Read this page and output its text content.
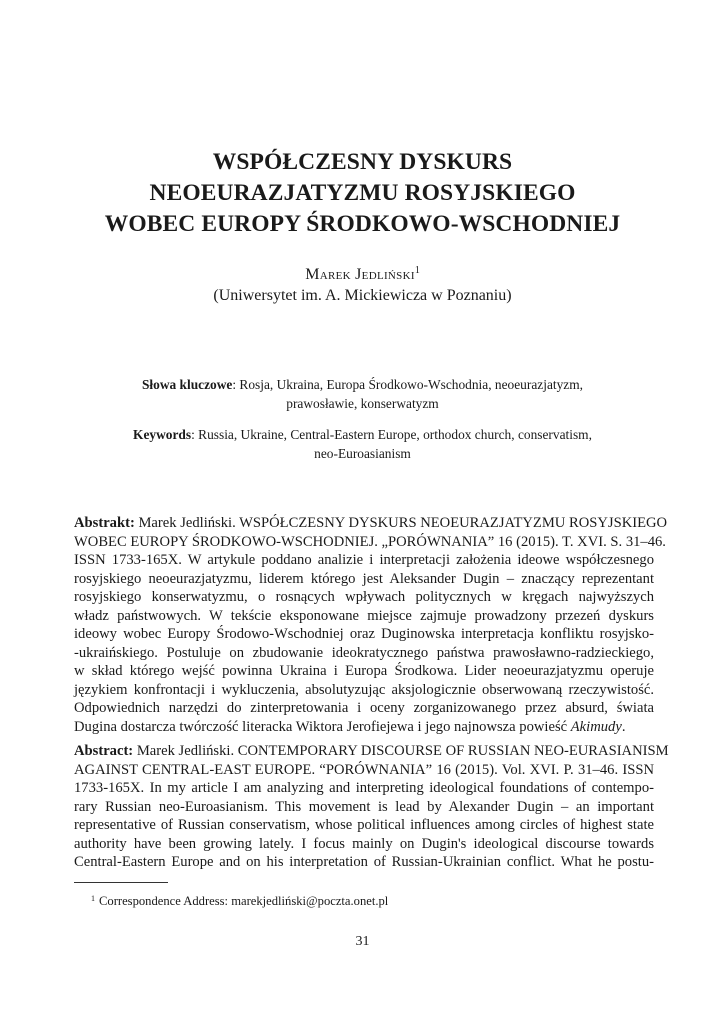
WSPÓŁCZESNY DYSKURS
NEOEURAZJATYZMU ROSYJSKIEGO
WOBEC EUROPY ŚRODKOWO-WSCHODNIEJ
Marek Jedliński$^1$
(Uniwersytet im. A. Mickiewicza w Poznaniu)
Słowa kluczowe: Rosja, Ukraina, Europa Środkowo-Wschodnia, neoeurazjatyzm,
prawosławie, konserwatyzm
Keywords: Russia, Ukraine, Central-Eastern Europe, orthodox church, conservatism,
neo-Euroasianism
Abstrakt: Marek Jedliński. WSPÓŁCZESNY DYSKURS NEOEURAZJATYZMU ROSYJSKIEGO
WOBEC EUROPY ŚRODKOWO-WSCHODNIEJ. „PORÓWNANIA” 16 (2015). T. XVI. S. 31–46.
ISSN 1733-165X. W artykule poddano analizie i interpretacji założenia ideowe współczesnego
rosyjskiego neoeurazjatyzmu, liderem którego jest Aleksander Dugin – znaczący reprezentant
rosyjskiego konserwatyzmu, o rosnących wpływach politycznych w kręgach najwyższych
władz państwowych. W tekście eksponowane miejsce zajmuje prowadzony przezeń dyskurs
ideowy wobec Europy Środowo-Wschodniej oraz Duginowska interpretacja konfliktu rosyjsko-
-ukraińskiego. Postuluje on zbudowanie ideokratycznego państwa prawosławno-radzieckiego,
w skład którego wejść powinna Ukraina i Europa Środkowa. Lider neoeurazjatyzmu operuje
językiem konfrontacji i wykluczenia, absolutyzując aksjologicznie obserwowaną rzeczywistość.
Odpowiednich narzędzi do zinterpretowania i oceny zorganizowanego przez absurd, świata
Dugina dostarcza twórczość literacka Wiktora Jerofiejewa i jego najnowsza powieść Akimudy.
Abstract: Marek Jedliński. CONTEMPORARY DISCOURSE OF RUSSIAN NEO-EURASIANISM
AGAINST CENTRAL-EAST EUROPE. “PORÓWNANIA” 16 (2015). Vol. XVI. P. 31–46. ISSN
1733-165X. In my article I am analyzing and interpreting ideological foundations of contempo-
rary Russian neo-Euroasianism. This movement is lead by Alexander Dugin – an important
representative of Russian conservatism, whose political influences among circles of highest state
authority have been growing lately. I focus mainly on Dugin's ideological discourse towards
Central-Eastern Europe and on his interpretation of Russian-Ukrainian conflict. What he postu-
$^1$ Correspondence Address: marekjedliński@poczta.onet.pl
31
